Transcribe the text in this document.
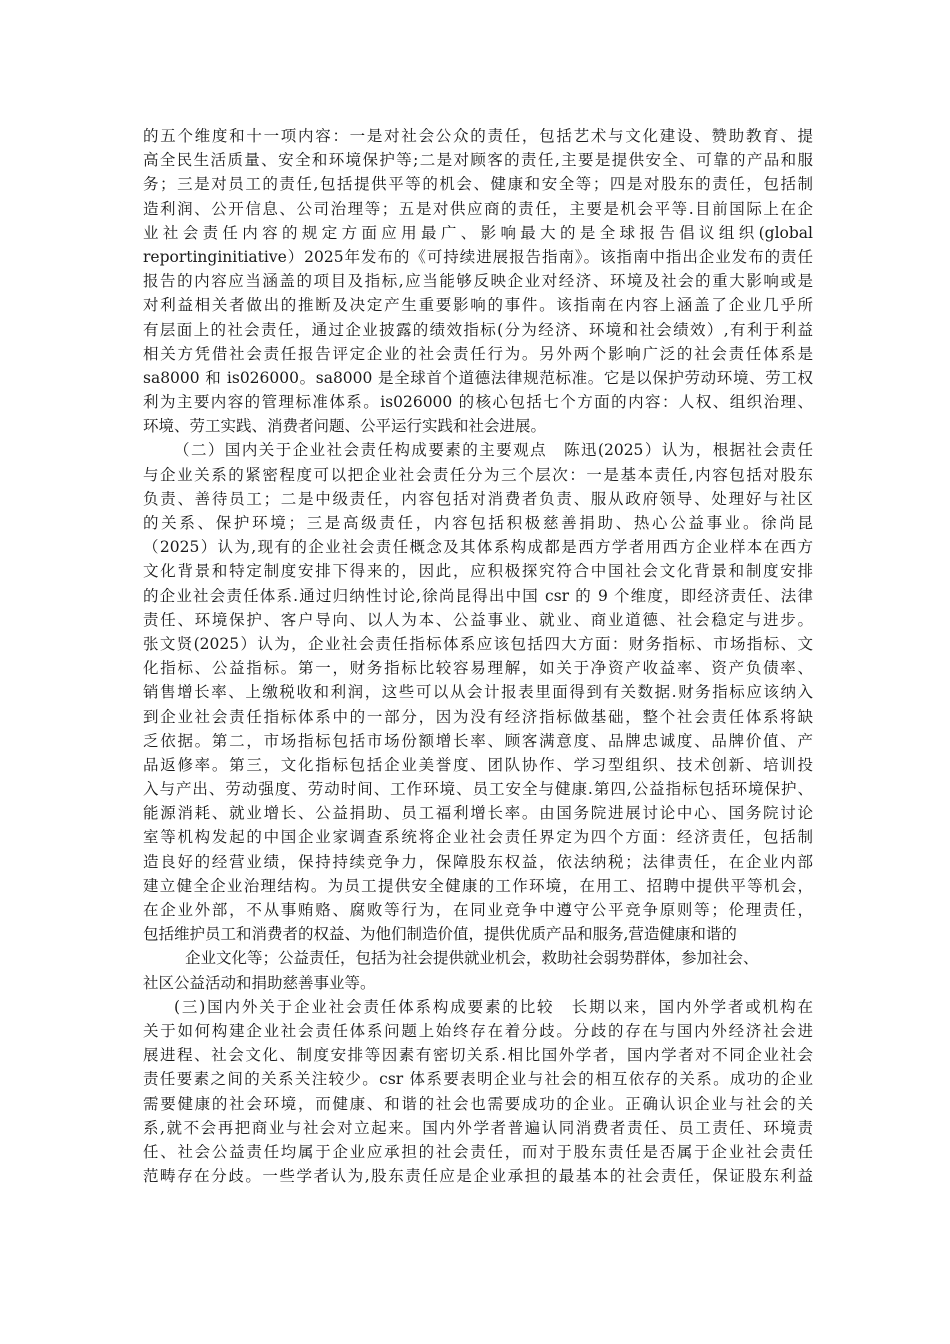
的五个维度和十一项内容：一是对社会公众的责任，包括艺术与文化建设、赞助教育、提
高全民生活质量、安全和环境保护等;二是对顾客的责任,主要是提供安全、可靠的产品和服
务；三是对员工的责任,包括提供平等的机会、健康和安全等；四是对股东的责任，包括制
造利润、公开信息、公司治理等；五是对供应商的责任，主要是机会平等.目前国际上在企
业社会责任内容的规定方面应用最广、影响最大的是全球报告倡议组织(global
reportinginitiative）2025年发布的《可持续进展报告指南》。该指南中指出企业发布的责任
报告的内容应当涵盖的项目及指标,应当能够反映企业对经济、环境及社会的重大影响或是
对利益相关者做出的推断及决定产生重要影响的事件。该指南在内容上涵盖了企业几乎所
有层面上的社会责任，通过企业披露的绩效指标(分为经济、环境和社会绩效）,有利于利益
相关方凭借社会责任报告评定企业的社会责任行为。另外两个影响广泛的社会责任体系是
sa8000 和 is026000。sa8000 是全球首个道德法律规范标准。它是以保护劳动环境、劳工权
利为主要内容的管理标准体系。is026000 的核心包括七个方面的内容：人权、组织治理、
环境、劳工实践、消费者问题、公平运行实践和社会进展。
（二）国内关于企业社会责任构成要素的主要观点　陈迅(2025）认为，根据社会责任
与企业关系的紧密程度可以把企业社会责任分为三个层次：一是基本责任,内容包括对股东
负责、善待员工；二是中级责任，内容包括对消费者负责、服从政府领导、处理好与社区
的关系、保护环境；三是高级责任，内容包括积极慈善捐助、热心公益事业。徐尚昆
（2025）认为,现有的企业社会责任概念及其体系构成都是西方学者用西方企业样本在西方
文化背景和特定制度安排下得来的，因此，应积极探究符合中国社会文化背景和制度安排
的企业社会责任体系.通过归纳性讨论,徐尚昆得出中国 csr 的 9 个维度，即经济责任、法律
责任、环境保护、客户导向、以人为本、公益事业、就业、商业道德、社会稳定与进步。
张文贤(2025）认为，企业社会责任指标体系应该包括四大方面：财务指标、市场指标、文
化指标、公益指标。第一，财务指标比较容易理解，如关于净资产收益率、资产负债率、
销售增长率、上缴税收和利润，这些可以从会计报表里面得到有关数据.财务指标应该纳入
到企业社会责任指标体系中的一部分，因为没有经济指标做基础，整个社会责任体系将缺
乏依据。第二，市场指标包括市场份额增长率、顾客满意度、品牌忠诚度、品牌价值、产
品返修率。第三，文化指标包括企业美誉度、团队协作、学习型组织、技术创新、培训投
入与产出、劳动强度、劳动时间、工作环境、员工安全与健康.第四,公益指标包括环境保护、
能源消耗、就业增长、公益捐助、员工福利增长率。由国务院进展讨论中心、国务院讨论
室等机构发起的中国企业家调查系统将企业社会责任界定为四个方面：经济责任，包括制
造良好的经营业绩，保持持续竞争力，保障股东权益，依法纳税；法律责任，在企业内部
建立健全企业治理结构。为员工提供安全健康的工作环境，在用工、招聘中提供平等机会，
在企业外部，不从事贿赂、腐败等行为，在同业竞争中遵守公平竞争原则等；伦理责任，
包括维护员工和消费者的权益、为他们制造价值，提供优质产品和服务,营造健康和谐的
企业文化等；公益责任，包括为社会提供就业机会，救助社会弱势群体，参加社会、
社区公益活动和捐助慈善事业等。
(三)国内外关于企业社会责任体系构成要素的比较　长期以来，国内外学者或机构在
关于如何构建企业社会责任体系问题上始终存在着分歧。分歧的存在与国内外经济社会进
展进程、社会文化、制度安排等因素有密切关系.相比国外学者，国内学者对不同企业社会
责任要素之间的关系关注较少。csr 体系要表明企业与社会的相互依存的关系。成功的企业
需要健康的社会环境，而健康、和谐的社会也需要成功的企业。正确认识企业与社会的关
系,就不会再把商业与社会对立起来。国内外学者普遍认同消费者责任、员工责任、环境责
任、社会公益责任均属于企业应承担的社会责任，而对于股东责任是否属于企业社会责任
范畴存在分歧。一些学者认为,股东责任应是企业承担的最基本的社会责任，保证股东利益
